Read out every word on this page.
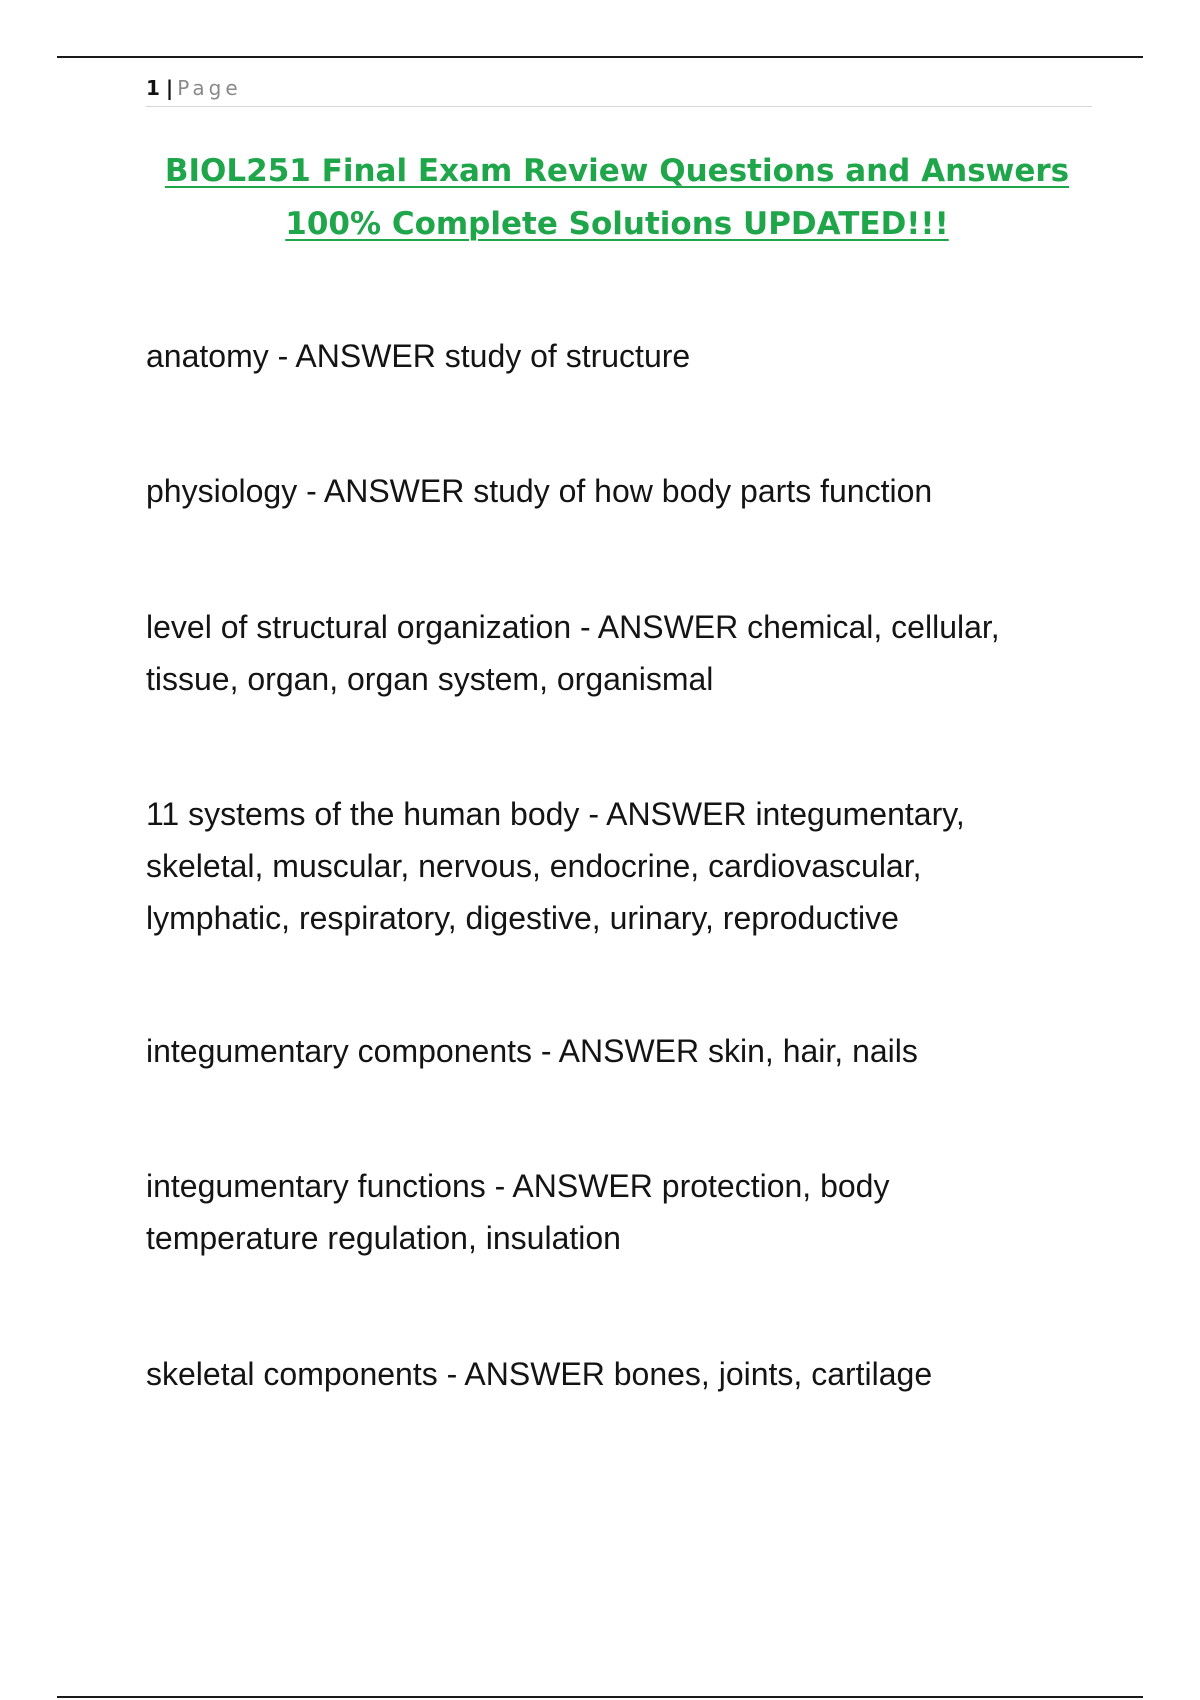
1 | Page
BIOL251 Final Exam Review Questions and Answers
100% Complete Solutions UPDATED!!!

anatomy - ANSWER study of structure

physiology - ANSWER study of how body parts function

level of structural organization - ANSWER chemical, cellular, tissue, organ, organ system, organismal

11 systems of the human body - ANSWER integumentary, skeletal, muscular, nervous, endocrine, cardiovascular, lymphatic, respiratory, digestive, urinary, reproductive

integumentary components - ANSWER skin, hair, nails

integumentary functions - ANSWER protection, body temperature regulation, insulation

skeletal components - ANSWER bones, joints, cartilage
